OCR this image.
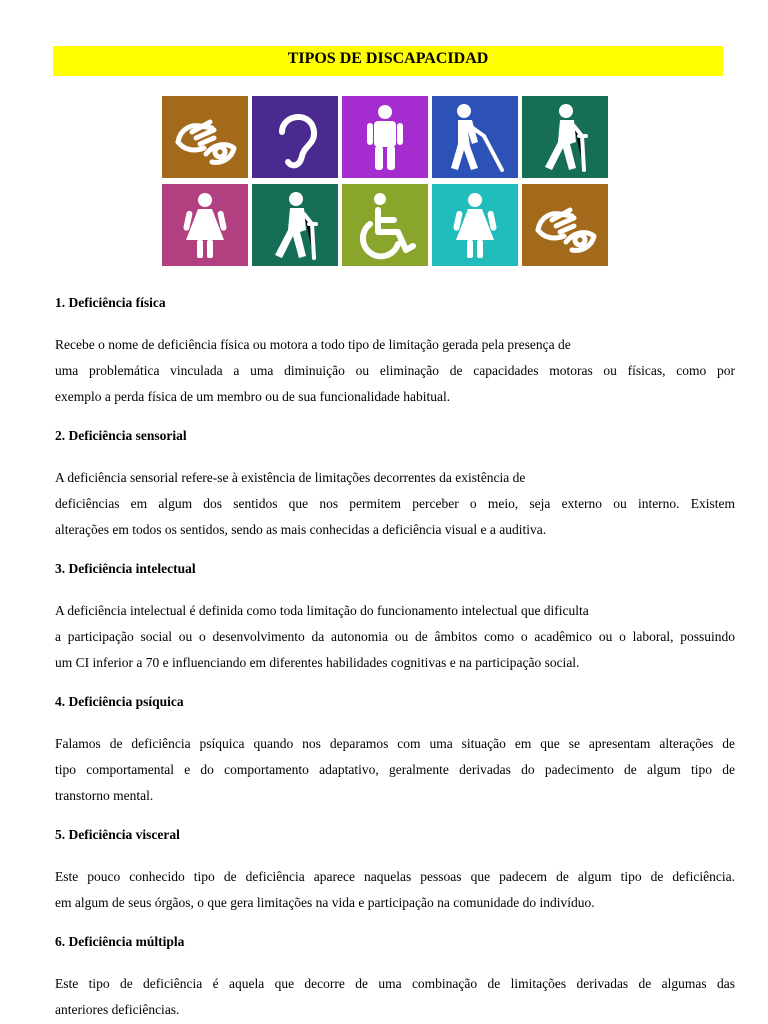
TIPOS DE DISCAPACIDAD
1. Deficiência física

Recebe o nome de deficiência física ou motora a todo tipo de limitação gerada pela presença de
uma problemática vinculada a uma diminuição ou eliminação de capacidades motoras ou físicas, como por
exemplo a perda física de um membro ou de sua funcionalidade habitual.

2. Deficiência sensorial

A deficiência sensorial refere-se à existência de limitações decorrentes da existência de
deficiências em algum dos sentidos que nos permitem perceber o meio, seja externo ou interno. Existem
alterações em todos os sentidos, sendo as mais conhecidas a deficiência visual e a auditiva.

3. Deficiência intelectual

A deficiência intelectual é definida como toda limitação do funcionamento intelectual que dificulta
a participação social ou o desenvolvimento da autonomia ou de âmbitos como o acadêmico ou o laboral, possuindo
um CI inferior a 70 e influenciando em diferentes habilidades cognitivas e na participação social.

4. Deficiência psíquica

Falamos de deficiência psíquica quando nos deparamos com uma situação em que se apresentam alterações de
tipo comportamental e do comportamento adaptativo, geralmente derivadas do padecimento de algum tipo de
transtorno mental.

5. Deficiência visceral

Este pouco conhecido tipo de deficiência aparece naquelas pessoas que padecem de algum tipo de deficiência.
em algum de seus órgãos, o que gera limitações na vida e participação na comunidade do indivíduo.

6. Deficiência múltipla

Este tipo de deficiência é aquela que decorre de uma combinação de limitações derivadas de algumas das
anteriores deficiências.
